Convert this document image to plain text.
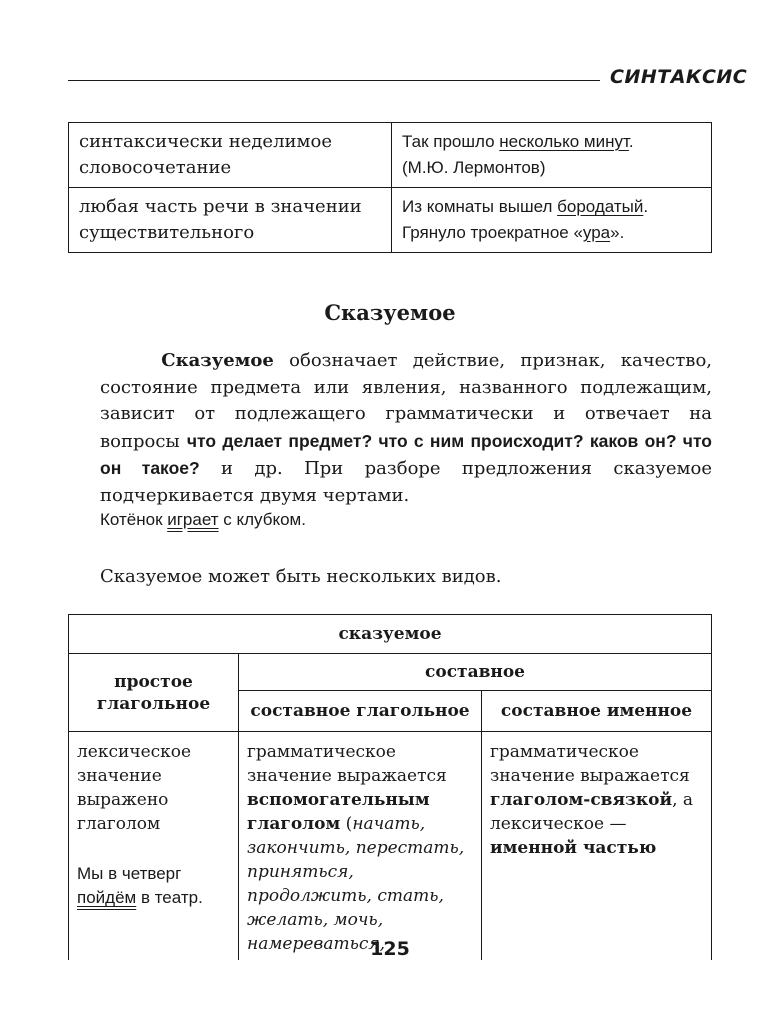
СИНТАКСИС
синтаксически неделимое словосочетание	Так прошло несколько минут.
(М.Ю. Лермонтов)
любая часть речи в значении существительного	Из комнаты вышел бородатый.
Грянуло троекратное «ура».
Сказуемое
Сказуемое обозначает действие, признак, качество, состояние предмета или явления, названного подлежащим, зависит от подлежащего грамматически и отвечает на вопросы что делает предмет? что с ним происходит? каков он? что он такое? и др. При разборе предложения сказуемое подчеркивается двумя чертами.
Котёнок играет с клубком.
Сказуемое может быть нескольких видов.
сказуемое		
простое глагольное	составное	
	составное глагольное	составное именное

лексическое значение выражено глаголом
Мы в четверг пойдём в театр.	грамматическое значение выражается вспомогательным глаголом (начать, закончить, перестать, приняться, продолжить, стать, желать, мочь, намереваться,	грамматическое значение выражается глаголом-связкой, а лексическое — именной частью
125
